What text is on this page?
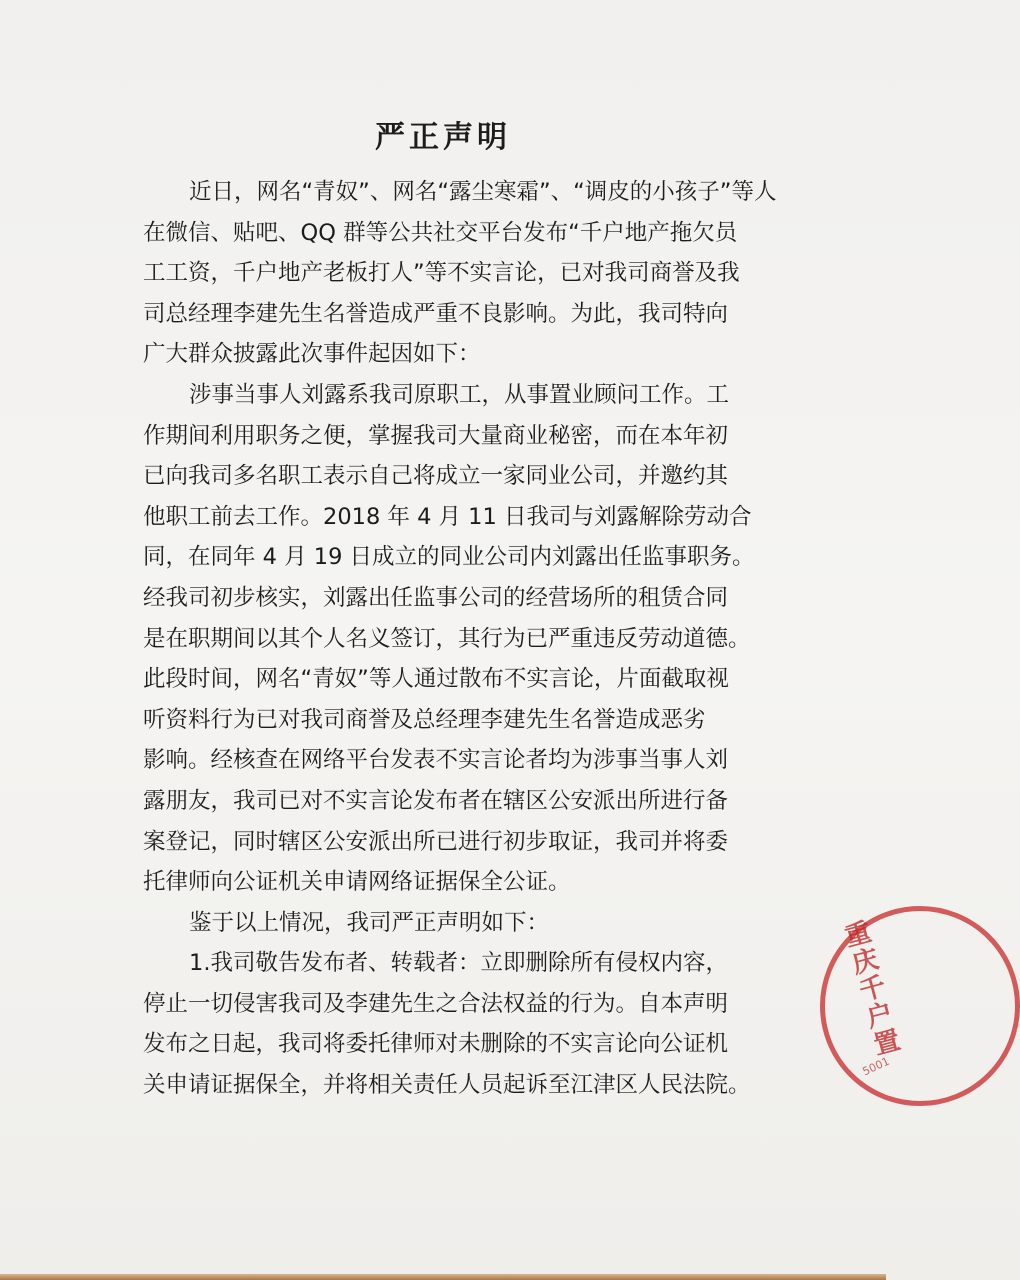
严正声明
近日，网名“青奴”、网名“露尘寒霜”、“调皮的小孩子”等人
在微信、贴吧、QQ 群等公共社交平台发布“千户地产拖欠员
工工资，千户地产老板打人”等不实言论，已对我司商誉及我
司总经理李建先生名誉造成严重不良影响。为此，我司特向
广大群众披露此次事件起因如下：
涉事当事人刘露系我司原职工，从事置业顾问工作。工
作期间利用职务之便，掌握我司大量商业秘密，而在本年初
已向我司多名职工表示自己将成立一家同业公司，并邀约其
他职工前去工作。2018 年 4 月 11 日我司与刘露解除劳动合
同，在同年 4 月 19 日成立的同业公司内刘露出任监事职务。
经我司初步核实，刘露出任监事公司的经营场所的租赁合同
是在职期间以其个人名义签订，其行为已严重违反劳动道德。
此段时间，网名“青奴”等人通过散布不实言论，片面截取视
听资料行为已对我司商誉及总经理李建先生名誉造成恶劣
影响。经核查在网络平台发表不实言论者均为涉事当事人刘
露朋友，我司已对不实言论发布者在辖区公安派出所进行备
案登记，同时辖区公安派出所已进行初步取证，我司并将委
托律师向公证机关申请网络证据保全公证。
鉴于以上情况，我司严正声明如下：
1.我司敬告发布者、转载者：立即删除所有侵权内容，
停止一切侵害我司及李建先生之合法权益的行为。自本声明
发布之日起，我司将委托律师对未删除的不实言论向公证机
关申请证据保全，并将相关责任人员起诉至江津区人民法院。
重庆千户置
5001
